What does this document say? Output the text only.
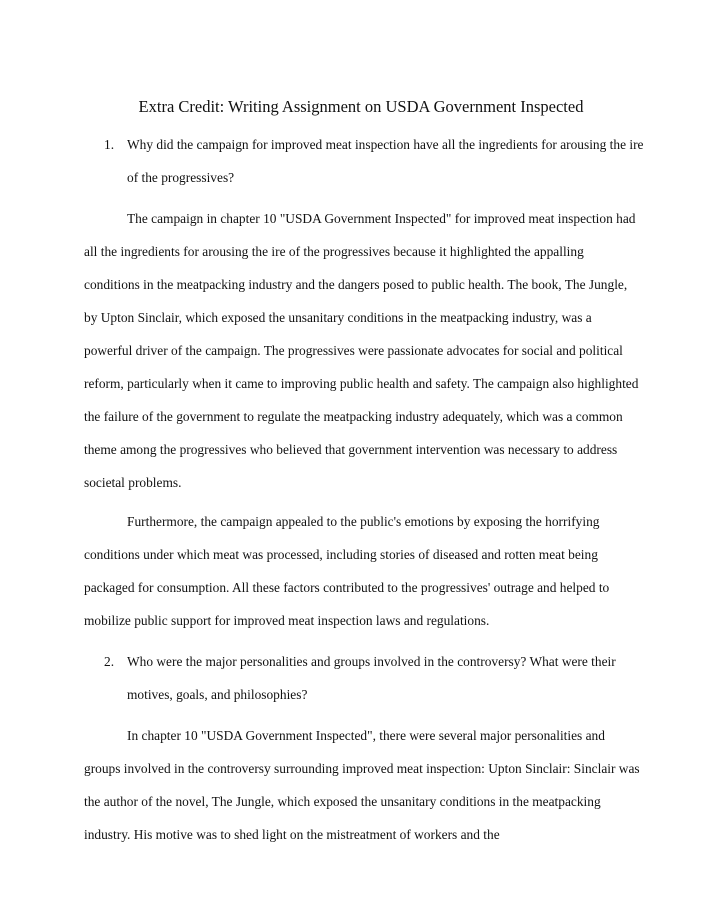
Extra Credit: Writing Assignment on USDA Government Inspected
1. Why did the campaign for improved meat inspection have all the ingredients for arousing the ire of the progressives?
The campaign in chapter 10 "USDA Government Inspected" for improved meat inspection had all the ingredients for arousing the ire of the progressives because it highlighted the appalling conditions in the meatpacking industry and the dangers posed to public health. The book, The Jungle, by Upton Sinclair, which exposed the unsanitary conditions in the meatpacking industry, was a powerful driver of the campaign. The progressives were passionate advocates for social and political reform, particularly when it came to improving public health and safety. The campaign also highlighted the failure of the government to regulate the meatpacking industry adequately, which was a common theme among the progressives who believed that government intervention was necessary to address societal problems.
Furthermore, the campaign appealed to the public's emotions by exposing the horrifying conditions under which meat was processed, including stories of diseased and rotten meat being packaged for consumption. All these factors contributed to the progressives' outrage and helped to mobilize public support for improved meat inspection laws and regulations.
2. Who were the major personalities and groups involved in the controversy? What were their motives, goals, and philosophies?
In chapter 10 "USDA Government Inspected", there were several major personalities and groups involved in the controversy surrounding improved meat inspection: Upton Sinclair: Sinclair was the author of the novel, The Jungle, which exposed the unsanitary conditions in the meatpacking industry. His motive was to shed light on the mistreatment of workers and the
